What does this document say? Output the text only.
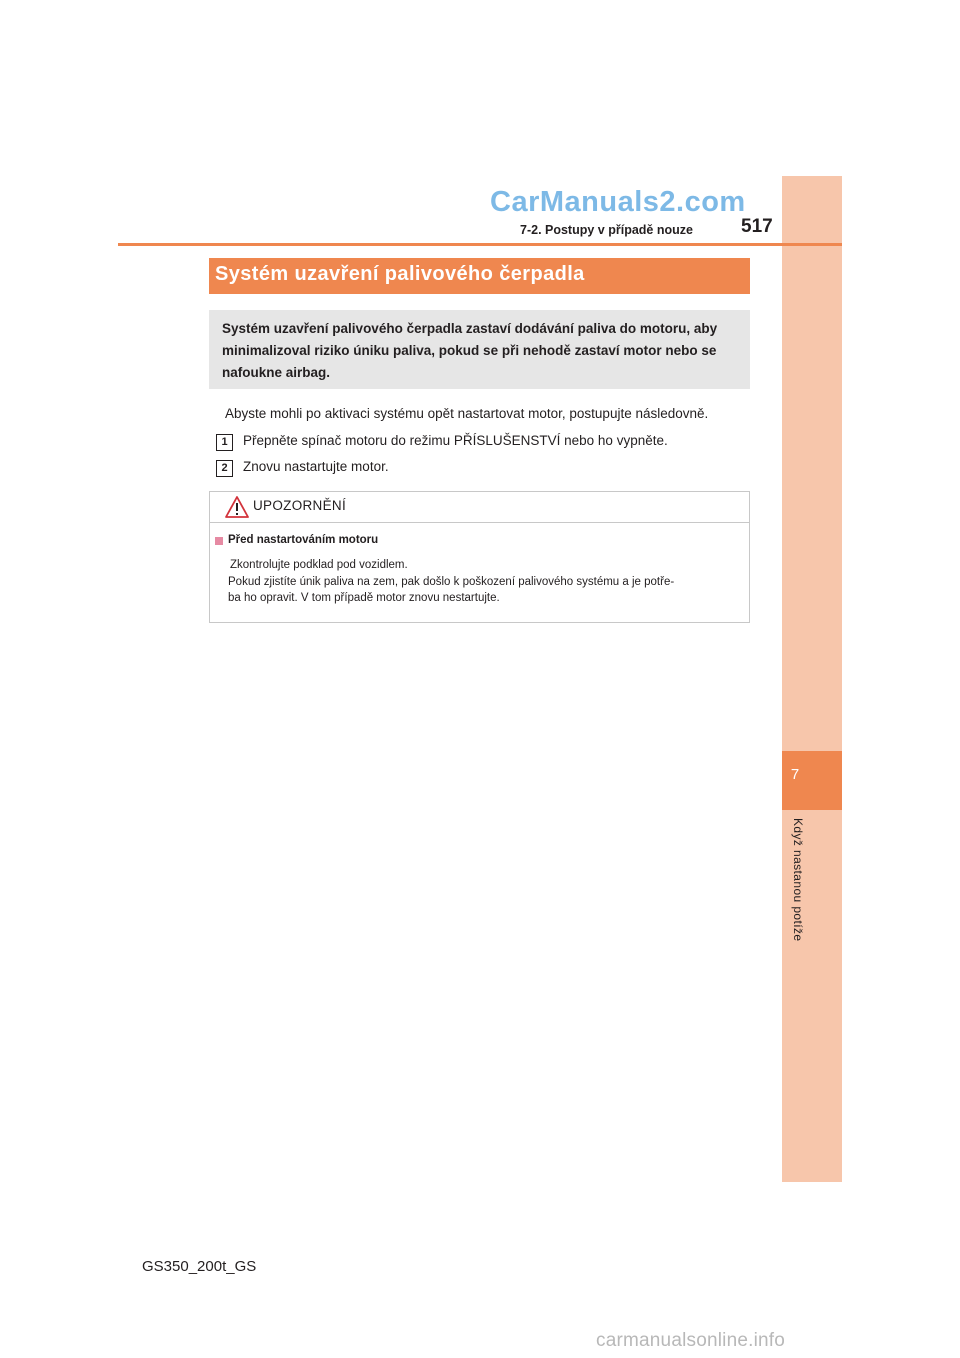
7
Když nastanou potíže
CarManuals2.com
7-2. Postupy v případě nouze	517
Systém uzavření palivového čerpadla
Systém uzavření palivového čerpadla zastaví dodávání paliva do motoru, aby minimalizoval riziko úniku paliva, pokud se při nehodě zastaví motor nebo se nafoukne airbag.
Abyste mohli po aktivaci systému opět nastartovat motor, postupujte následovně.
1	Přepněte spínač motoru do režimu PŘÍSLUŠENSTVÍ nebo ho vypněte.
2	Znovu nastartujte motor.
UPOZORNĚNÍ
Před nastartováním motoru
Zkontrolujte podklad pod vozidlem.
Pokud zjistíte únik paliva na zem, pak došlo k poškození palivového systému a je potře-
ba ho opravit. V tom případě motor znovu nestartujte.
GS350_200t_GS
carmanualsonline.info
